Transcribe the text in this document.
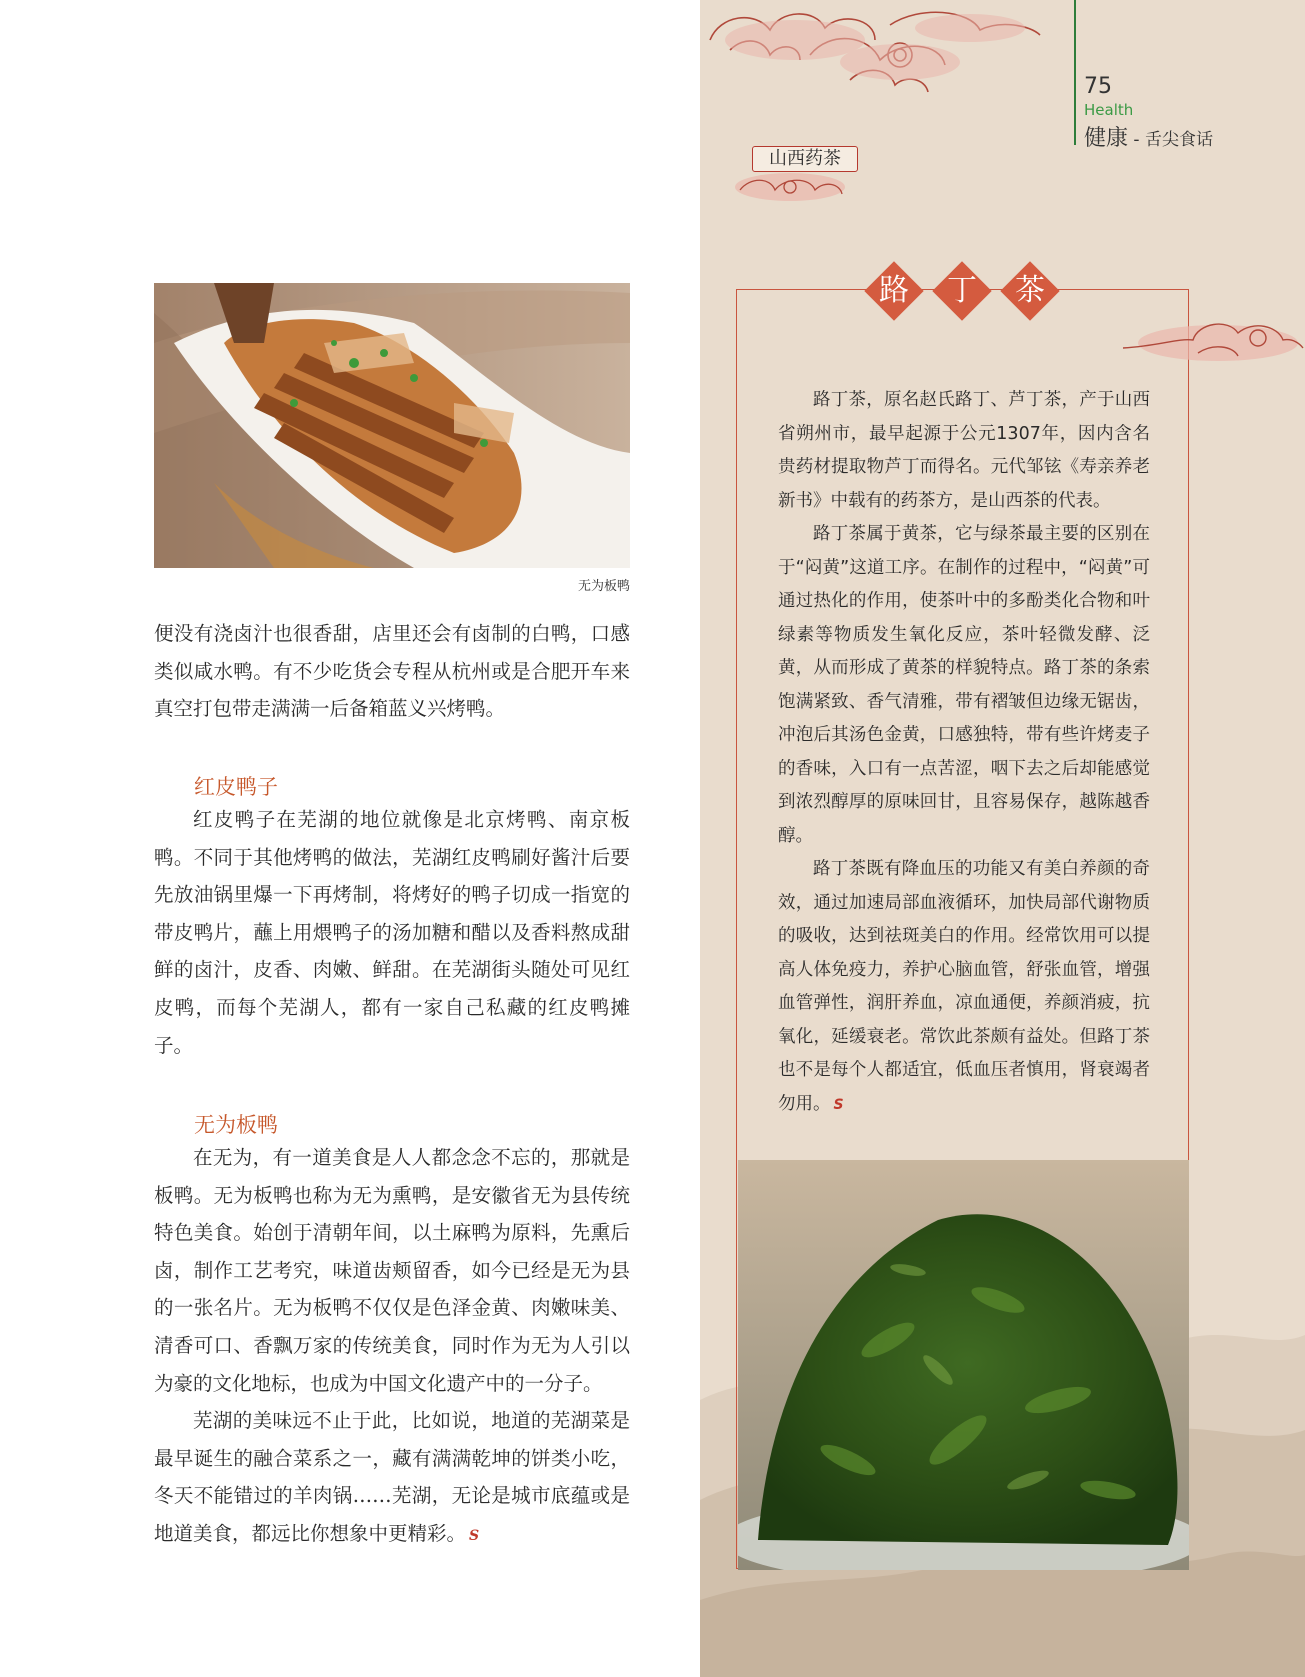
75
Health
健康 - 舌尖食话
山西药茶
路	丁	茶

路丁茶，原名赵氏路丁、芦丁茶，产于山西省朔州市，最早起源于公元1307年，因内含名贵药材提取物芦丁而得名。元代邹铉《寿亲养老新书》中载有的药茶方，是山西茶的代表。

路丁茶属于黄茶，它与绿茶最主要的区别在于“闷黄”这道工序。在制作的过程中，“闷黄”可通过热化的作用，使茶叶中的多酚类化合物和叶绿素等物质发生氧化反应，茶叶轻微发酵、泛黄，从而形成了黄茶的样貌特点。路丁茶的条索饱满紧致、香气清雅，带有褶皱但边缘无锯齿，冲泡后其汤色金黄，口感独特，带有些许烤麦子的香味，入口有一点苦涩，咽下去之后却能感觉到浓烈醇厚的原味回甘，且容易保存，越陈越香醇。

路丁茶既有降血压的功能又有美白养颜的奇效，通过加速局部血液循环，加快局部代谢物质的吸收，达到祛斑美白的作用。经常饮用可以提高人体免疫力，养护心脑血管，舒张血管，增强血管弹性，润肝养血，凉血通便，养颜消疲，抗氧化，延缓衰老。常饮此茶颇有益处。但路丁茶也不是每个人都适宜，低血压者慎用，肾衰竭者勿用。 S

无为板鸭

便没有浇卤汁也很香甜，店里还会有卤制的白鸭，口感类似咸水鸭。有不少吃货会专程从杭州或是合肥开车来真空打包带走满满一后备箱蓝义兴烤鸭。

红皮鸭子

红皮鸭子在芜湖的地位就像是北京烤鸭、南京板鸭。不同于其他烤鸭的做法，芜湖红皮鸭刷好酱汁后要先放油锅里爆一下再烤制，将烤好的鸭子切成一指宽的带皮鸭片，蘸上用煨鸭子的汤加糖和醋以及香料熬成甜鲜的卤汁，皮香、肉嫩、鲜甜。在芜湖街头随处可见红皮鸭，而每个芜湖人，都有一家自己私藏的红皮鸭摊子。

无为板鸭

在无为，有一道美食是人人都念念不忘的，那就是板鸭。无为板鸭也称为无为熏鸭，是安徽省无为县传统特色美食。始创于清朝年间，以土麻鸭为原料，先熏后卤，制作工艺考究，味道齿颊留香，如今已经是无为县的一张名片。无为板鸭不仅仅是色泽金黄、肉嫩味美、清香可口、香飘万家的传统美食，同时作为无为人引以为豪的文化地标，也成为中国文化遗产中的一分子。

芜湖的美味远不止于此，比如说，地道的芜湖菜是最早诞生的融合菜系之一，藏有满满乾坤的饼类小吃，冬天不能错过的羊肉锅……芜湖，无论是城市底蕴或是地道美食，都远比你想象中更精彩。 S
